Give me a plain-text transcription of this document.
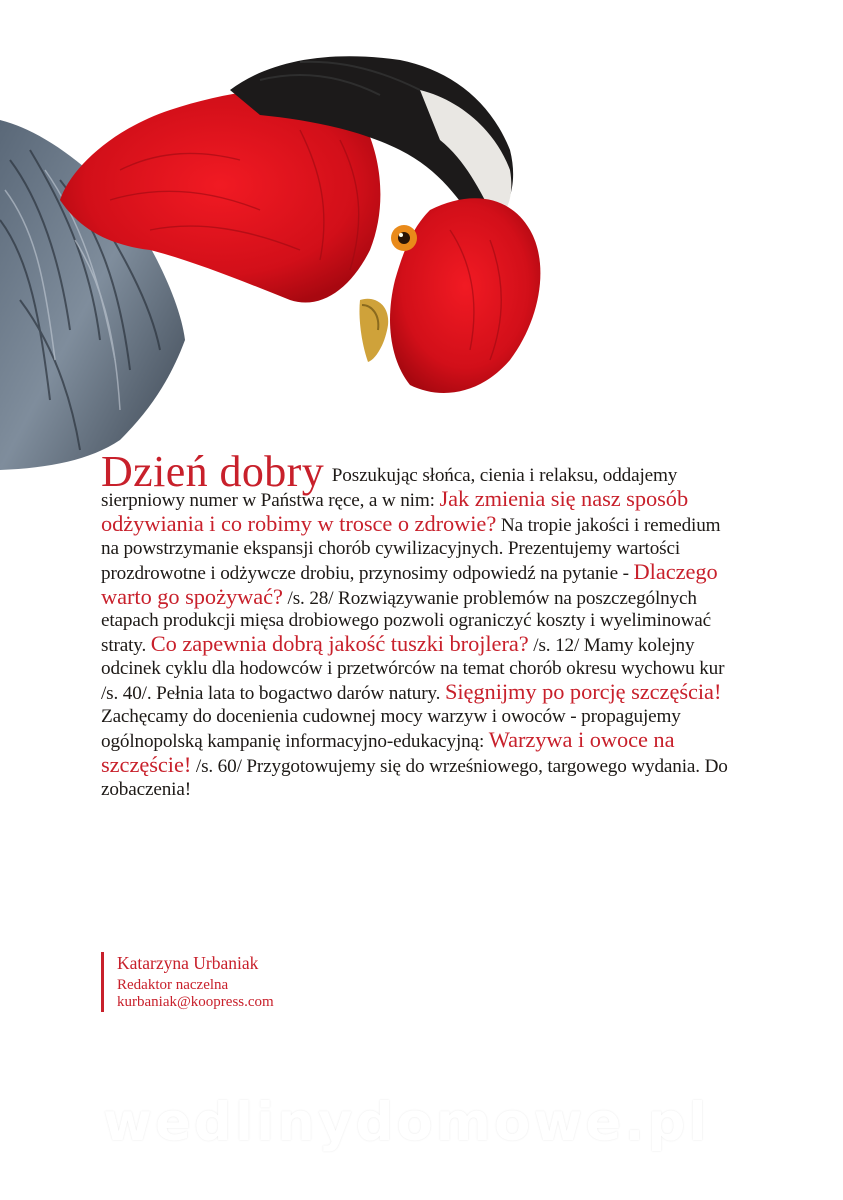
Dzień dobry Poszukując słońca, cienia i relaksu, oddajemy sierpniowy numer w Państwa ręce, a w nim: Jak zmienia się nasz sposób odżywiania i co robimy w trosce o zdrowie? Na tropie jakości i remedium na powstrzymanie ekspansji chorób cywilizacyjnych. Prezentujemy wartości prozdrowotne i odżywcze drobiu, przynosimy odpowiedź na pytanie - Dlaczego warto go spożywać? /s. 28/ Rozwiązywanie problemów na poszczególnych etapach produkcji mięsa drobiowego pozwoli ograniczyć koszty i wyeliminować straty. Co zapewnia dobrą jakość tuszki brojlera? /s. 12/ Mamy kolejny odcinek cyklu dla hodowców i przetwórców na temat chorób okresu wychowu kur /s. 40/. Pełnia lata to bogactwo darów natury. Sięgnijmy po porcję szczęścia! Zachęcamy do docenienia cudownej mocy warzyw i owoców - propagujemy ogólnopolską kampanię informacyjno-edukacyjną: Warzywa i owoce na szczęście! /s. 60/ Przygotowujemy się do wrześniowego, targowego wydania. Do zobaczenia!

Katarzyna Urbaniak
Redaktor naczelna
kurbaniak@koopress.com
wedlinydomowe.pl
